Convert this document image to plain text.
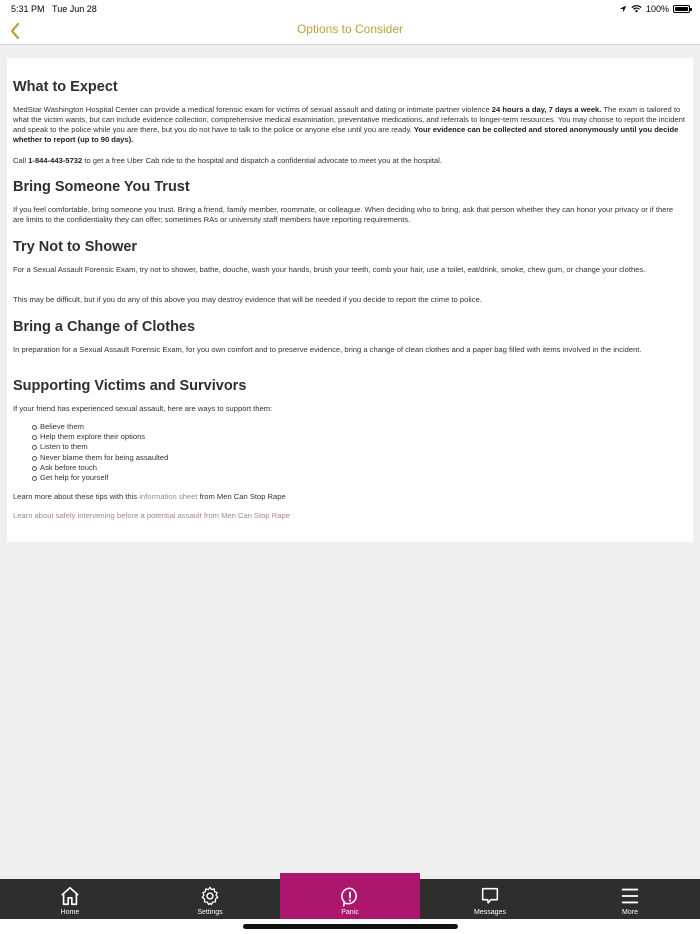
5:31 PM Tue Jun 28	100%
Options to Consider
What to Expect

MedStar Washington Hospital Center can provide a medical forensic exam for victims of sexual assault and dating or intimate partner violence 24 hours a day, 7 days a week. The exam is tailored to what the victim wants, but can include evidence collection, comprehensive medical examination, preventative medications, and referrals to longer-term resources. You may choose to report the incident and speak to the police while you are there, but you do not have to talk to the police or anyone else until you are ready. Your evidence can be collected and stored anonymously until you decide whether to report (up to 90 days).

Call 1-844-443-5732 to get a free Uber Cab ride to the hospital and dispatch a confidential advocate to meet you at the hospital.

Bring Someone You Trust

If you feel comfortable, bring someone you trust. Bring a friend, family member, roommate, or colleague. When deciding who to bring, ask that person whether they can honor your privacy or if there are limits to the confidentiality they can offer; sometimes RAs or university staff members have reporting requirements.

Try Not to Shower

For a Sexual Assault Forensic Exam, try not to shower, bathe, douche, wash your hands, brush your teeth, comb your hair, use a toilet, eat/drink, smoke, chew gum, or change your clothes.

This may be difficult, but if you do any of this above you may destroy evidence that will be needed if you decide to report the crime to police.

Bring a Change of Clothes

In preparation for a Sexual Assault Forensic Exam, for you own comfort and to preserve evidence, bring a change of clean clothes and a paper bag filled with items involved in the incident.

Supporting Victims and Survivors

If your friend has experienced sexual assault, here are ways to support them:

Believe them
Help them explore their options
Listen to them
Never blame them for being assaulted
Ask before touch
Get help for yourself

Learn more about these tips with this information sheet from Men Can Stop Rape

Learn about safely intervening before a potential assault from Men Can Stop Rape

Home	Settings	Messages	More
Panic
